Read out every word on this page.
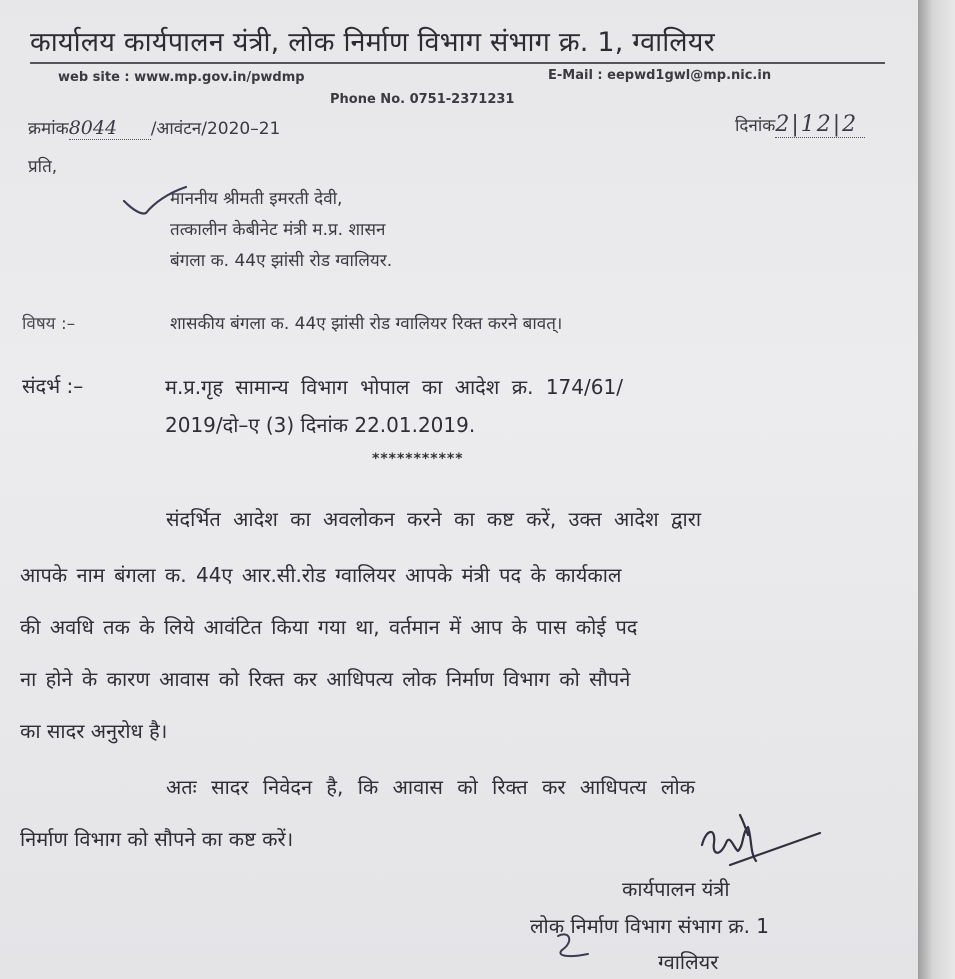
कार्यालय कार्यपालन यंत्री, लोक निर्माण विभाग संभाग क्र. 1, ग्वालियर
web site : www.mp.gov.in/pwdmp	E-Mail : eepwd1gwl@mp.nic.in
Phone No. 0751-2371231
क्रमांक8044 /आवंटन/2020–21	दिनांक2|12|2
प्रति,
माननीय श्रीमती इमरती देवी,
तत्कालीन केबीनेट मंत्री म.प्र. शासन
बंगला क. 44ए झांसी रोड ग्वालियर.
विषय :–	शासकीय बंगला क. 44ए झांसी रोड ग्वालियर रिक्त करने बावत्।
संदर्भ :–	म.प्र.गृह सामान्य विभाग भोपाल का आदेश क्र. 174/61/
2019/दो–ए (3) दिनांक 22.01.2019.
***********
संदर्भित आदेश का अवलोकन करने का कष्ट करें, उक्त आदेश द्वारा
आपके नाम बंगला क. 44ए आर.सी.रोड ग्वालियर आपके मंत्री पद के कार्यकाल
की अवधि तक के लिये आवंटित किया गया था, वर्तमान में आप के पास कोई पद
ना होने के कारण आवास को रिक्त कर आधिपत्य लोक निर्माण विभाग को सौपने
का सादर अनुरोध है।
अतः सादर निवेदन है, कि आवास को रिक्त कर आधिपत्य लोक
निर्माण विभाग को सौपने का कष्ट करें।
कार्यपालन यंत्री
लोक निर्माण विभाग संभाग क्र. 1
ग्वालियर
